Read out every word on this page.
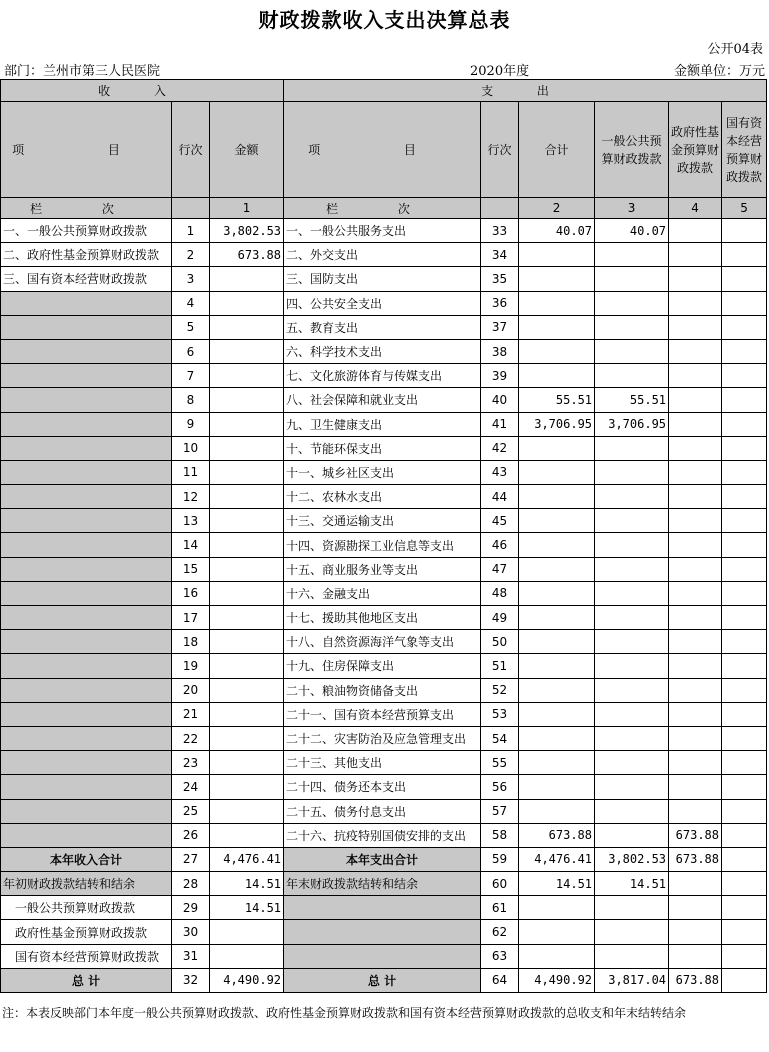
财政拨款收入支出决算总表
公开04表
部门：兰州市第三人民医院	2020年度	金额单位：万元
收 入			支 出					
项 目	行次	金额	项 目	行次	合计	一般公共预算财政拨款	政府性基金预算财政拨款	国有资本经营预算财政拨款
栏 次		1	栏 次		2	3	4	5
一、一般公共预算财政拨款	1	3,802.53	一、一般公共服务支出	33	40.07	40.07		
二、政府性基金预算财政拨款	2	673.88	二、外交支出	34				
三、国有资本经营财政拨款	3		三、国防支出	35				
	4		四、公共安全支出	36				
	5		五、教育支出	37				
	6		六、科学技术支出	38				
	7		七、文化旅游体育与传媒支出	39				
	8		八、社会保障和就业支出	40	55.51	55.51		
	9		九、卫生健康支出	41	3,706.95	3,706.95		
	10		十、节能环保支出	42				
	11		十一、城乡社区支出	43				
	12		十二、农林水支出	44				
	13		十三、交通运输支出	45				
	14		十四、资源勘探工业信息等支出	46				
	15		十五、商业服务业等支出	47				
	16		十六、金融支出	48				
	17		十七、援助其他地区支出	49				
	18		十八、自然资源海洋气象等支出	50				
	19		十九、住房保障支出	51				
	20		二十、粮油物资储备支出	52				
	21		二十一、国有资本经营预算支出	53				
	22		二十二、灾害防治及应急管理支出	54				
	23		二十三、其他支出	55				
	24		二十四、债务还本支出	56				
	25		二十五、债务付息支出	57				
	26		二十六、抗疫特别国债安排的支出	58	673.88		673.88	
本年收入合计	27	4,476.41	本年支出合计	59	4,476.41	3,802.53	673.88	
年初财政拨款结转和结余	28	14.51	年末财政拨款结转和结余	60	14.51	14.51		
一般公共预算财政拨款	29	14.51		61				
政府性基金预算财政拨款	30			62				
国有资本经营预算财政拨款	31			63				
总 计	32	4,490.92	总 计	64	4,490.92	3,817.04	673.88	
注：本表反映部门本年度一般公共预算财政拨款、政府性基金预算财政拨款和国有资本经营预算财政拨款的总收支和年末结转结余
